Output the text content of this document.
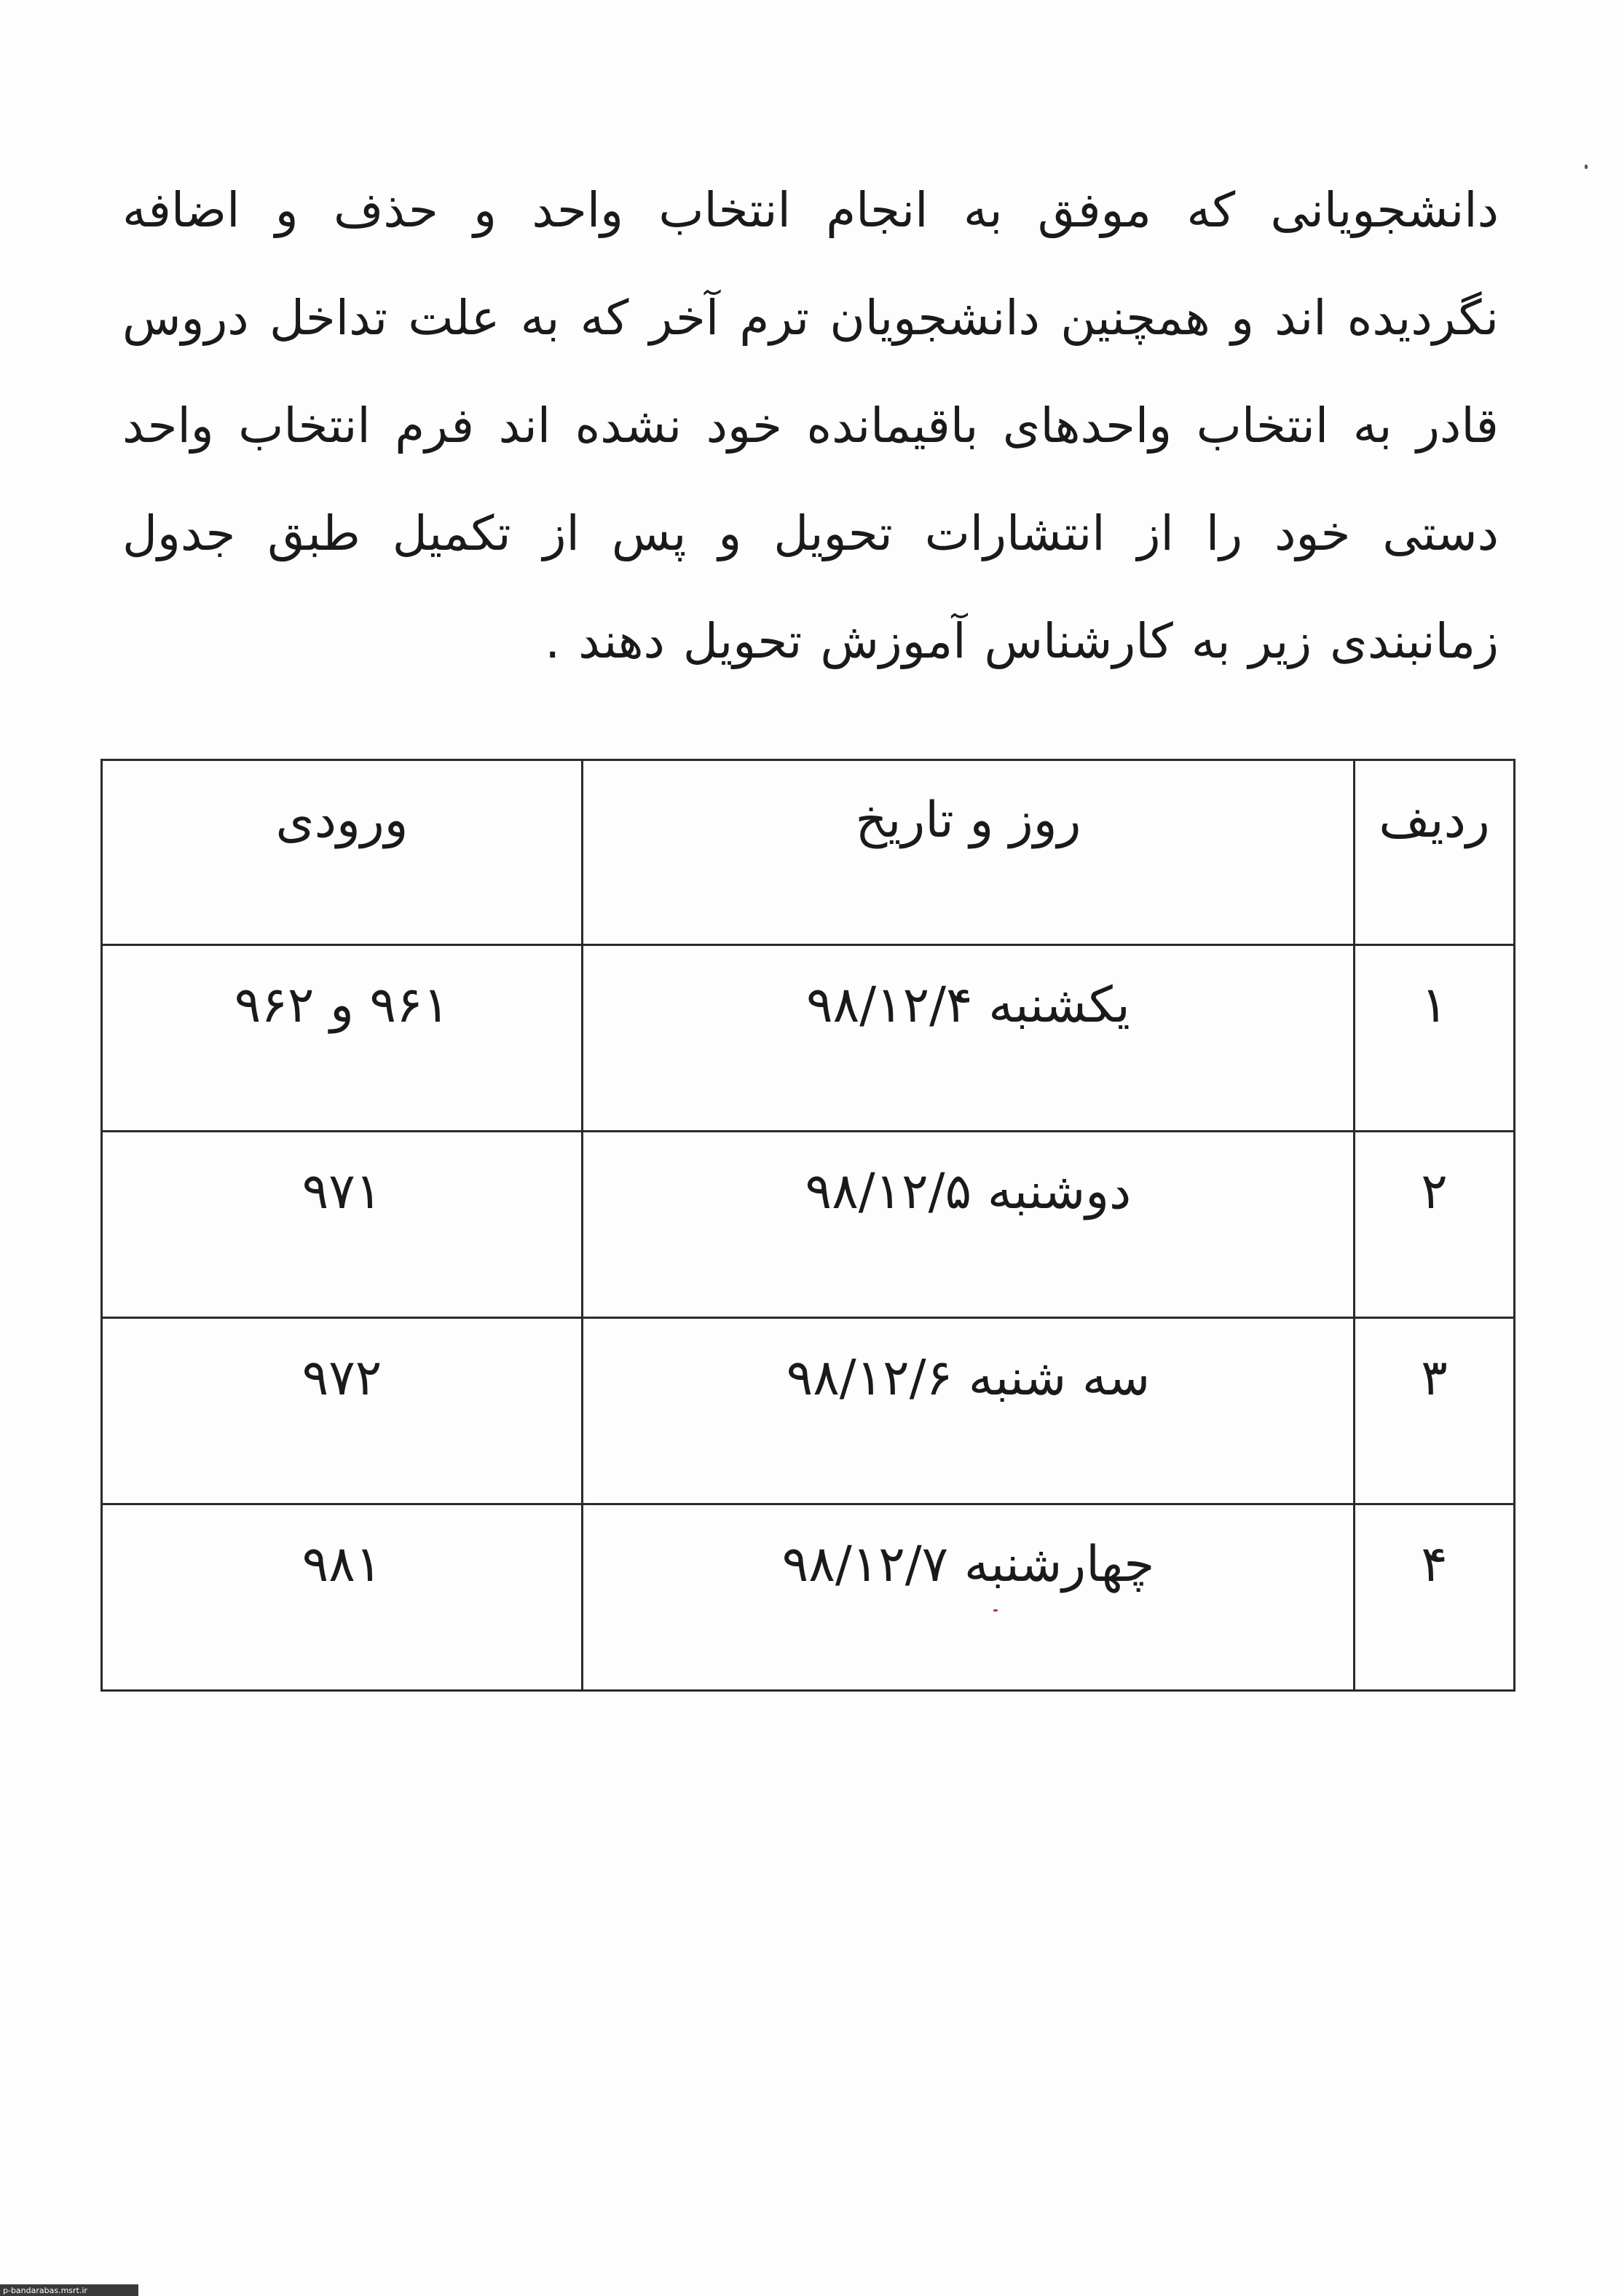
دانشجویانی که موفق به انجام انتخاب واحد و حذف و اضافه
نگردیده اند و همچنین دانشجویان ترم آخر که به علت تداخل دروس
قادر به انتخاب واحدهای باقیمانده خود نشده اند فرم انتخاب واحد
دستی خود را از انتشارات تحویل و پس از تکمیل طبق جدول
زمانبندی زیر به کارشناس آموزش تحویل دهند .
ردیف	روز و تاریخ	ورودی
۱	یکشنبه ۹۸/۱۲/۴	۹۶۱ و ۹۶۲
۲	دوشنبه ۹۸/۱۲/۵	۹۷۱
۳	سه شنبه ۹۸/۱۲/۶	۹۷۲
۴	چهارشنبه ۹۸/۱۲/۷	۹۸۱
p-bandarabas.msrt.ir
